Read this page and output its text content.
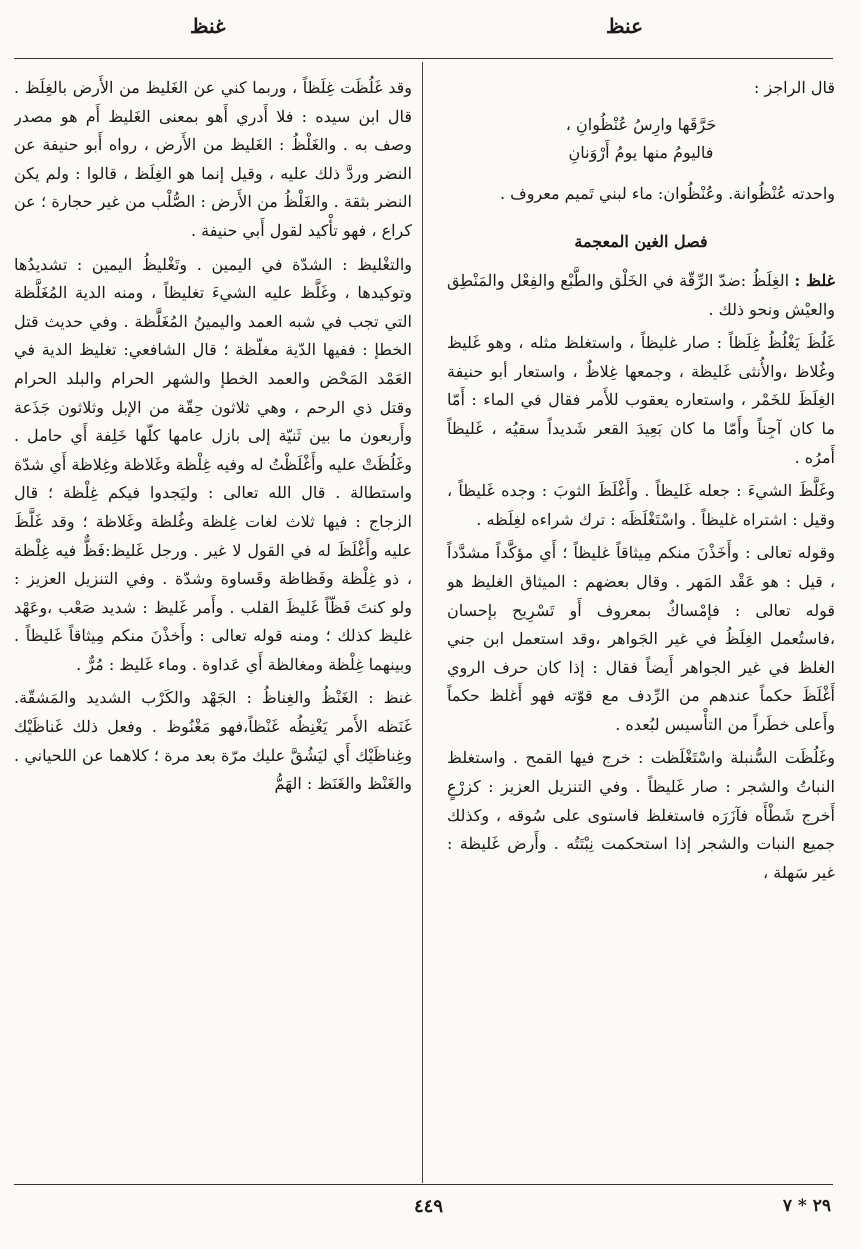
عنظ
غنظ

قال الراجز :

حَرَّقَها وارِسُ عُنْظُوانِ ،

فاليومُ منها يومُ أَرْوَنانِ

واحدته عُنْظُوانة. وعُنْظُوان: ماء لبني تَميم معروف .

فصل الغين المعجمة

غلظ : الغِلَظُ :ضدّ الرِّقّة في الخَلْق والطَّبْع والفِعْل والمَنْطِق والعيْش ونحو ذلك .

غَلُظَ يَغْلُظُ غِلَظاً : صار غليظاً ، واستغلظ مثله ، وهو غَليظ وغُلاظ ،والأُنثى غَليظة ، وجمعها غِلاظٌ ، واستعار أبو حنيفة الغِلَظَ للخَمْر ، واستعاره يعقوب للأَمر فقال في الماء : أَمّا ما كان آجِناً وأَمّا ما كان بَعِيدَ القعر شَديداً سقيُه ، غَليظاً أَمرُه .

وغَلَّظَ الشيءَ : جعله غَليظاً . وأَغْلَظَ الثوبَ : وجده غَليظاً ، وقيل : اشتراه غليظاً . واسْتَغْلَظَه : ترك شراءه لغِلَظه .

وقوله تعالى : وأَخَذْنَ منكم مِيثاقاً غليظاً ؛ أَي مؤكَّداً مشدَّداً ، قيل : هو عَقْد المَهر . وقال بعضهم : الميثاق الغليظ هو قوله تعالى : فإمْساكٌ بمعروف أَو تَسْرِيح بإحسان ،فاستُعمل الغِلَظُ في غير الجَواهر ،وقد استعمل ابن جني الغلظ في غير الجواهر أَيضاً فقال : إذا كان حرف الروي أَغْلَظَ حكماً عندهم من الرِّدف مع قوّته فهو أَغلظ حكماً وأَعلى خطَراً من التأْسيس لبُعده .

وغَلُظَت السُّنبلة واسْتَغْلَظت : خرج فيها القمح . واستغلظ النباتُ والشجر : صار غَليظاً . وفي التنزيل العزيز : كزرْعٍ أَخرج شَطْأَه فآزَرَه فاستغلظ فاستوى على سُوقه ، وكذلك جميع النبات والشجر إذا استحكمت نِبْتَتُه . وأَرض غَليظة : غير سَهلة ،

وقد غَلُظَت غِلَظاً ، وربما كني عن الغَليظ من الأَرض بالغِلَظ . قال ابن سيده : فلا أَدري أَهو بمعنى الغَليظ أَم هو مصدر وصف به . والغَلْظُ : الغَليظ من الأَرض ، رواه أَبو حنيفة عن النضر وردَّ ذلك عليه ، وقيل إنما هو الغِلَظ ، قالوا : ولم يكن النضر بثقة . والغَلْظُ من الأَرض : الصُّلْب من غير حجارة ؛ عن كراع ، فهو تأْكيد لقول أَبي حنيفة .

والتغْليظ : الشدّة في اليمين . وتَغْليظُ اليمين : تشديدُها وتوكيدها ، وغَلَّظ عليه الشيءَ تغليظاً ، ومنه الدية المُغَلَّظة التي تجب في شبه العمد واليمينُ المُغَلَّظة . وفي حديث قتل الخطإ : ففيها الدّية مغلّظة ؛ قال الشافعي: تغليظ الدية في العَمْد المَحْض والعمد الخطإ والشهر الحرام والبلد الحرام وقتل ذي الرحم ، وهي ثلاثون حِقّة من الإبل وثلاثون جَذَعة وأَربعون ما بين ثَنيّة إلى بازل عامها كلّها خَلِفة أَي حامل . وغَلُظَتْ عليه وأَغْلَظْتُ له وفيه غِلْظة وغَلاظة وغِلاظة أَي شدّة واستطالة . قال الله تعالى : وليَجدوا فيكم غِلْظة ؛ قال الزجاج : فيها ثلاث لغات غِلظة وغُلظة وغَلاظة ؛ وقد غَلَّظَ عليه وأَغْلَظَ له في القول لا غير . ورجل غَليظ:فَظٌّ فيه غِلْظة ، ذو غِلْظة وفَظاظة وقَساوة وشدّة . وفي التنزيل العزيز : ولو كنتَ فَظّاً غَليظَ القلب . وأَمر غَليظ : شديد صَعْب ،وعَهْد غليظ كذلك ؛ ومنه قوله تعالى : وأَخذْنَ منكم مِيثاقاً غَليظاً . وبينهما غِلْظة ومغالظة أَي عَداوة . وماء غَليظ : مُرٌّ .

غنظ : الغَنْظُ والغِناظُ : الجَهْد والكَرْب الشديد والمَشقّة. غَنَظه الأَمر يَغْنِظُه غَنْظاً،فهو مَغْنُوظ . وفعل ذلك غَناظَيْك وغِناظَيْك أَي ليَشُقَّ عليك مرّة بعد مرة ؛ كلاهما عن اللحياني . والغَنْظ والغَنَظ : الهَمُّ

٤٤٩	٢٩ * ٧
